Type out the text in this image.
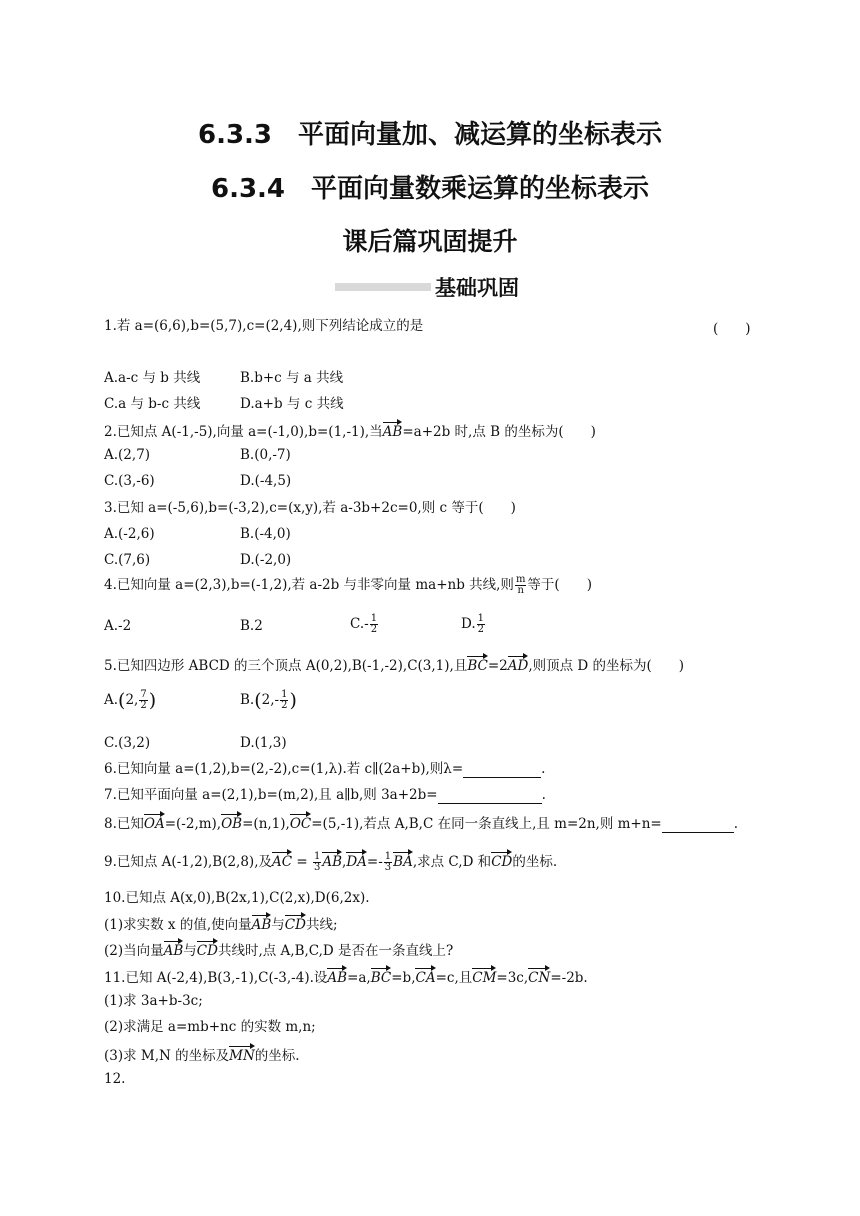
6.3.3　平面向量加、减运算的坐标表示
6.3.4　平面向量数乘运算的坐标表示
课后篇巩固提升
基础巩固
1.若 a=(6,6),b=(5,7),c=(2,4),则下列结论成立的是	(　　)
A.a-c 与 b 共线	B.b+c 与 a 共线
C.a 与 b-c 共线	D.a+b 与 c 共线
2.已知点 A(-1,-5),向量 a=(-1,0),b=(1,-1),当AB=a+2b 时,点 B 的坐标为(　　)
A.(2,7)	B.(0,-7)
C.(3,-6)	D.(-4,5)
3.已知 a=(-5,6),b=(-3,2),c=(x,y),若 a-3b+2c=0,则 c 等于(　　)
A.(-2,6)	B.(-4,0)
C.(7,6)	D.(-2,0)
4.已知向量 a=(2,3),b=(-1,2),若 a-2b 与非零向量 ma+nb 共线,则 $\frac{m}{n}$ 等于(　　)
A.-2	B.2	$C.- \frac{1}{2}$	D. $\frac{1}{2}$
5.已知四边形 ABCD 的三个顶点 A(0,2),B(-1,-2),C(3,1),且BC=2AD,则顶点 D 的坐标为(　　)
A.(2, $\frac{7}{2}$ )	$B.(2,- \frac{1}{2}$ )
C.(3,2)	D.(1,3)
6.已知向量 a=(1,2),b=(2,-2),c=(1,λ).若 c∥(2a+b),则λ=	.
7.已知平面向量 a=(2,1),b=(m,2),且 a∥b,则 3a+2b=	.
8.已知OA=(-2,m),OB=(n,1),OC=(5,-1),若点 A,B,C 在同一条直线上,且 m=2n,则 m+n=	.
9.已知点 A(-1,2),B(2,8),及AC = $\frac{1}{3} AB,DA=- \frac{1}{3}$ BA,求点 C,D 和CD的坐标.
10.已知点 A(x,0),B(2x,1),C(2,x),D(6,2x).
(1)求实数 x 的值,使向量AB与CD共线;
(2)当向量AB与CD共线时,点 A,B,C,D 是否在一条直线上?
11.已知 A(-2,4),B(3,-1),C(-3,-4).设AB=a,BC=b,CA=c,且CM=3c,CN=-2b.
(1)求 3a+b-3c;
(2)求满足 a=mb+nc 的实数 m,n;
(3)求 M,N 的坐标及MN的坐标.
12.
